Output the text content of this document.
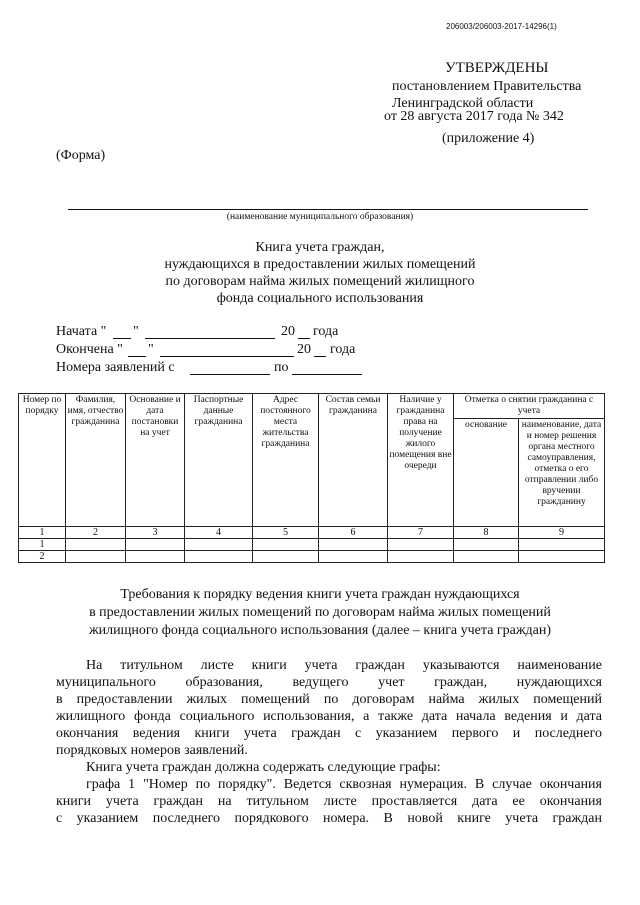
206003/206003-2017-14296(1)
УТВЕРЖДЕНЫ
постановлением Правительства
Ленинградской области
от 28 августа 2017 года № 342
(приложение 4)
(Форма)
(наименование муниципального образования)
Книга учета граждан,
нуждающихся в предоставлении жилых помещений
по договорам найма жилых помещений жилищного
фонда социального использования
Начата " "	20 года
Окончена " "	20 года
Номера заявлений с	по
Номер по порядку	Фамилия, имя, отчество гражданина	Основание и дата постановки на учет	Паспортные данные гражданина	Адрес постоянного места жительства гражданина	Состав семьи гражданина	Наличие у гражданина права на получение жилого помещения вне очереди	Отметка о снятии гражданина с учета	
							основание	наименование, дата и номер решения органа местного самоуправления, отметка о его отправлении либо вручении гражданину
1	2	3	4	5	6	7	8	9
1								
2								
Требования к порядку ведения книги учета граждан нуждающихся
в предоставлении жилых помещений по договорам найма жилых помещений
жилищного фонда социального использования (далее – книга учета граждан)
На титульном листе книги учета граждан указываются наименование
муниципального образования, ведущего учет граждан, нуждающихся
в предоставлении жилых помещений по договорам найма жилых помещений
жилищного фонда социального использования, а также дата начала ведения и дата
окончания ведения книги учета граждан с указанием первого и последнего
порядковых номеров заявлений.
Книга учета граждан должна содержать следующие графы:
графа 1 "Номер по порядку". Ведется сквозная нумерация. В случае окончания
книги учета граждан на титульном листе проставляется дата ее окончания
с указанием последнего порядкового номера. В новой книге учета граждан
